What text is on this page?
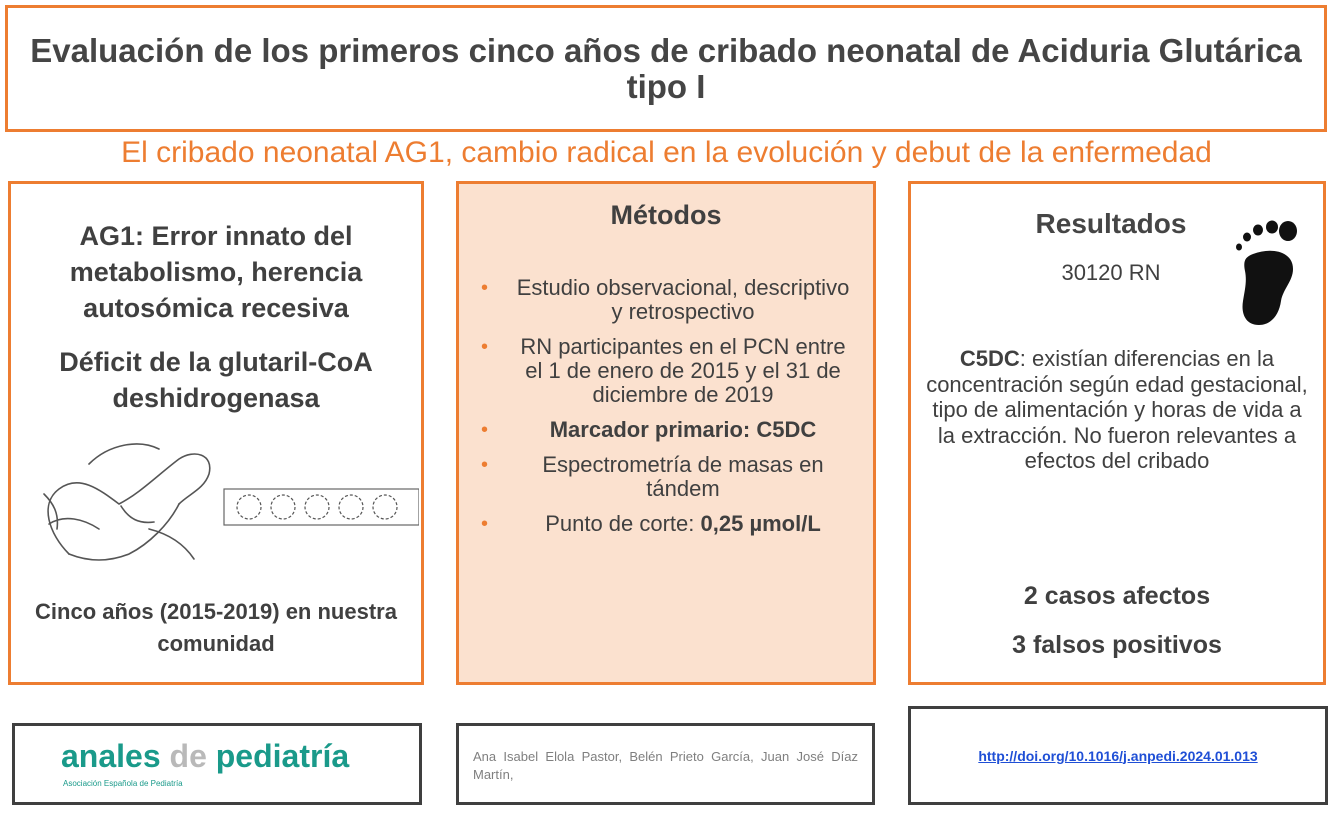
Evaluación de los primeros cinco años de cribado neonatal de Aciduria Glutárica tipo I

El cribado neonatal AG1, cambio radical en la evolución y debut de la enfermedad

AG1: Error innato del metabolismo, herencia autosómica recesiva

Déficit de la glutaril-CoA deshidrogenasa

Cinco años (2015-2019) en nuestra comunidad

Métodos

• Estudio observacional, descriptivo y retrospectivo
• RN participantes en el PCN entre el 1 de enero de 2015 y el 31 de diciembre de 2019
•	Marcador primario: C5DC
• Espectrometría de masas en tándem
•	Punto de corte: 0,25 µmol/L

Resultados

30120 RN

C5DC: existían diferencias en la concentración según edad gestacional, tipo de alimentación y horas de vida a la extracción. No fueron relevantes a efectos del cribado

2 casos afectos

3 falsos positivos

anales de pediatría

Asociación Española de Pediatría

Ana Isabel Elola Pastor, Belén Prieto García, Juan José Díaz Martín,

http://doi.org/10.1016/j.anpedi.2024.01.013
